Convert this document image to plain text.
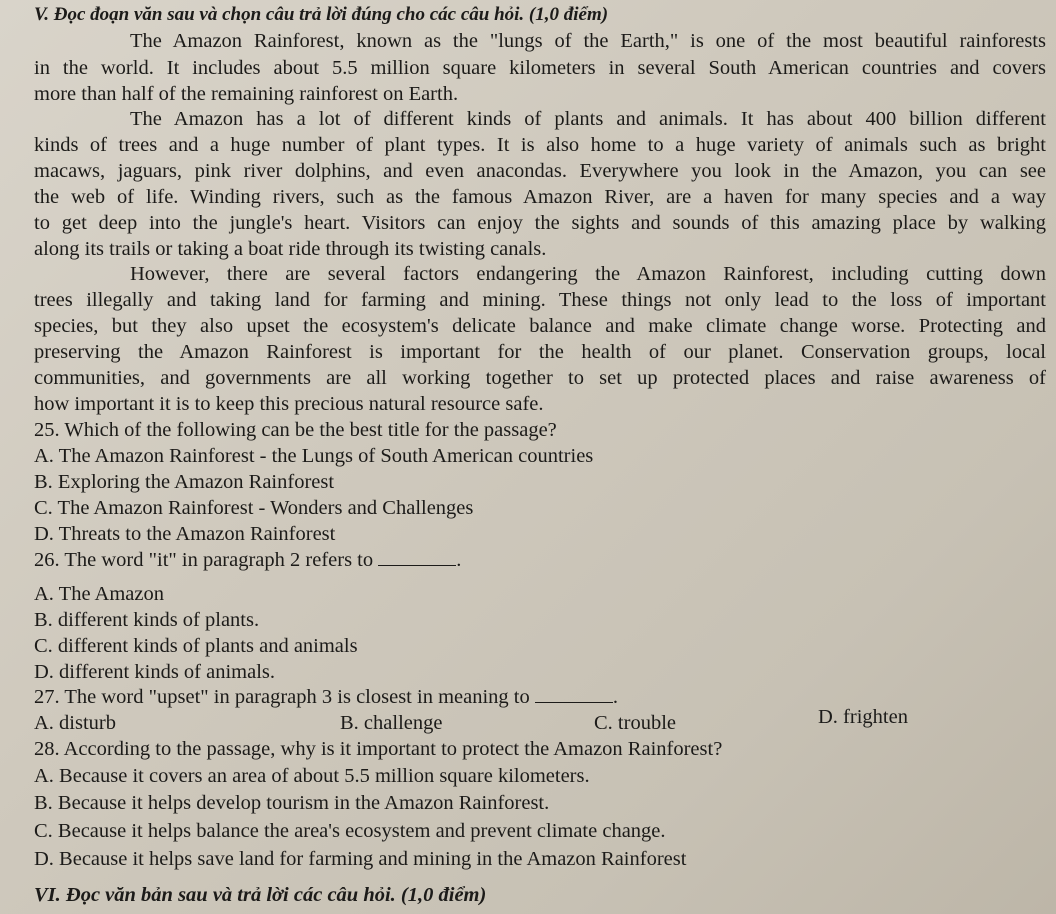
V. Đọc đoạn văn sau và chọn câu trả lời đúng cho các câu hỏi. (1,0 điểm)
The Amazon Rainforest, known as the "lungs of the Earth," is one of the most beautiful rainforests
in the world. It includes about 5.5 million square kilometers in several South American countries and covers
more than half of the remaining rainforest on Earth.
The Amazon has a lot of different kinds of plants and animals. It has about 400 billion different
kinds of trees and a huge number of plant types. It is also home to a huge variety of animals such as bright
macaws, jaguars, pink river dolphins, and even anacondas. Everywhere you look in the Amazon, you can see
the web of life. Winding rivers, such as the famous Amazon River, are a haven for many species and a way
to get deep into the jungle's heart. Visitors can enjoy the sights and sounds of this amazing place by walking
along its trails or taking a boat ride through its twisting canals.
However, there are several factors endangering the Amazon Rainforest, including cutting down
trees illegally and taking land for farming and mining. These things not only lead to the loss of important
species, but they also upset the ecosystem's delicate balance and make climate change worse. Protecting and
preserving the Amazon Rainforest is important for the health of our planet. Conservation groups, local
communities, and governments are all working together to set up protected places and raise awareness of
how important it is to keep this precious natural resource safe.
25. Which of the following can be the best title for the passage?
A. The Amazon Rainforest - the Lungs of South American countries
B. Exploring the Amazon Rainforest
C. The Amazon Rainforest - Wonders and Challenges
D. Threats to the Amazon Rainforest
26. The word "it" in paragraph 2 refers to	.
A. The Amazon
B. different kinds of plants.
C. different kinds of plants and animals
D. different kinds of animals.
27. The word "upset" in paragraph 3 is closest in meaning to	.
A. disturb	B. challenge	C. trouble	D. frighten
28. According to the passage, why is it important to protect the Amazon Rainforest?
A. Because it covers an area of about 5.5 million square kilometers.
B. Because it helps develop tourism in the Amazon Rainforest.
C. Because it helps balance the area's ecosystem and prevent climate change.
D. Because it helps save land for farming and mining in the Amazon Rainforest
VI. Đọc văn bản sau và trả lời các câu hỏi. (1,0 điểm)
